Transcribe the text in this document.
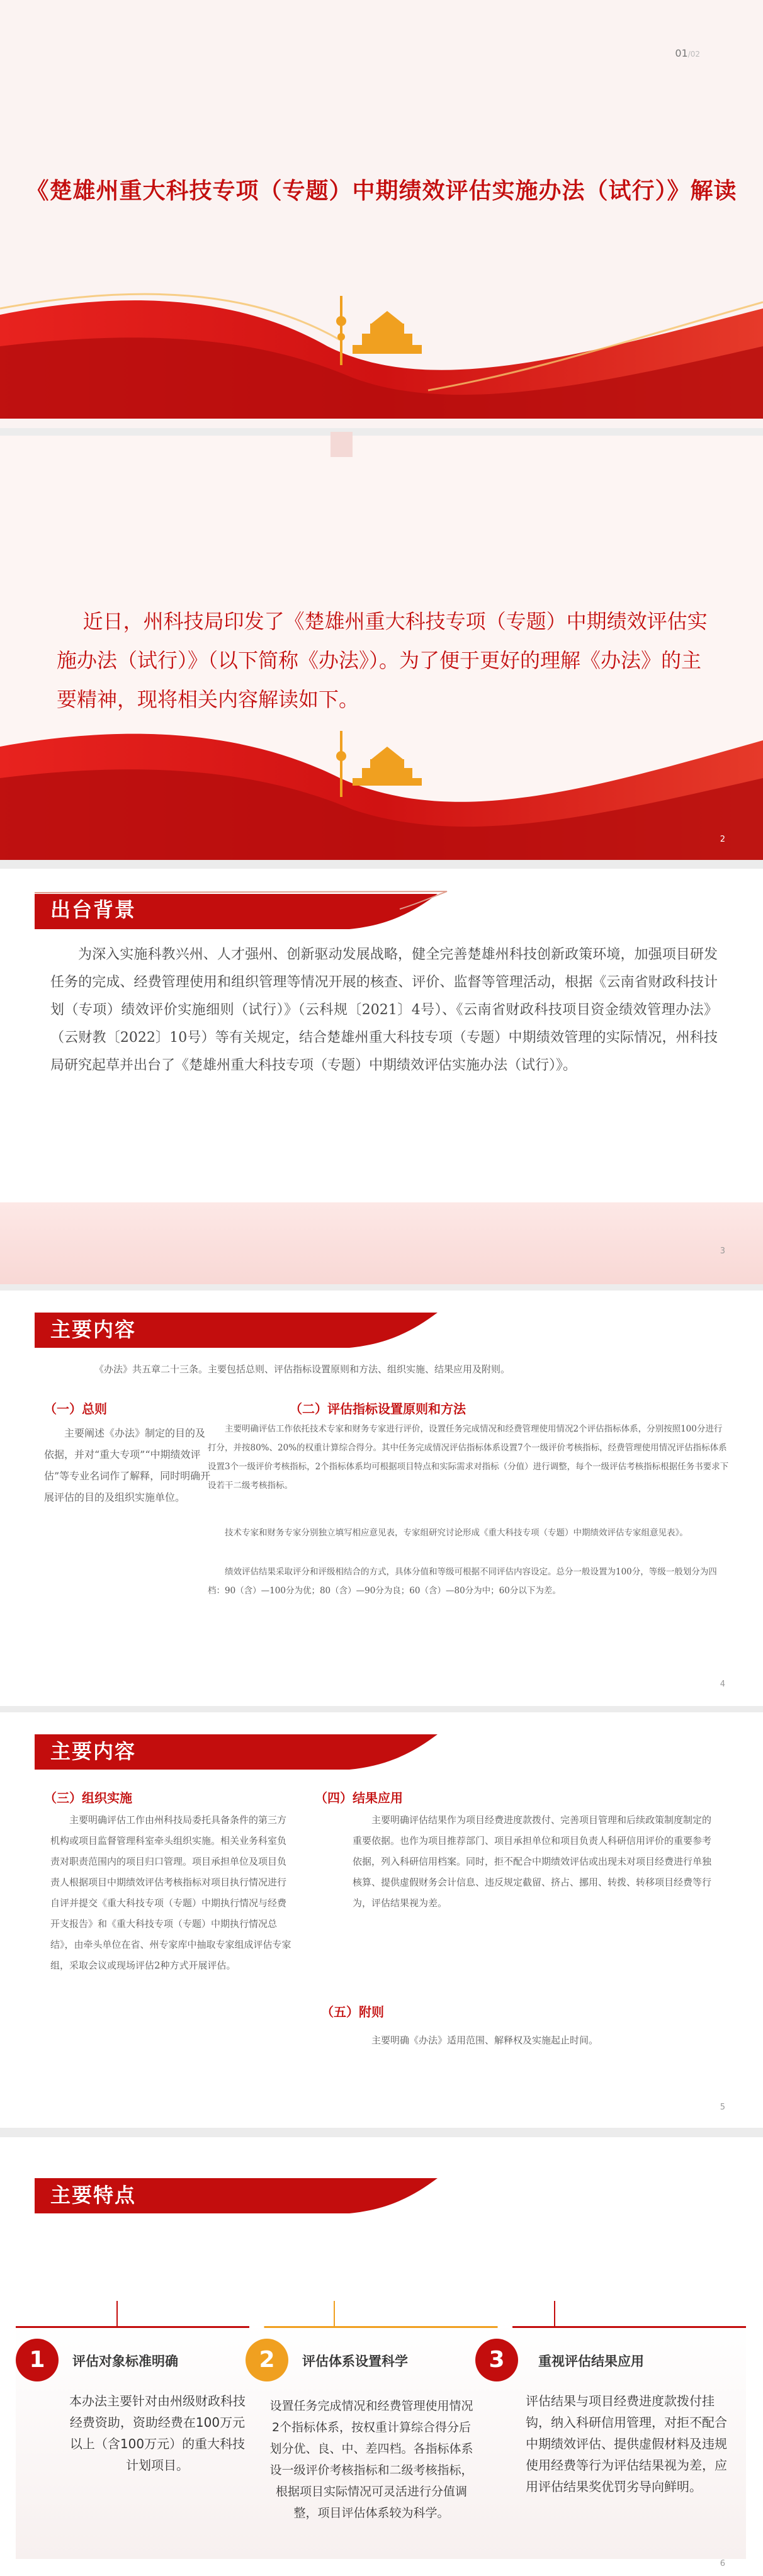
01/02
《楚雄州重大科技专项（专题）中期绩效评估实施办法（试行）》解读

近日，州科技局印发了《楚雄州重大科技专项（专题）中期绩效评估实施办法（试行）》（以下简称《办法》）。为了便于更好的理解《办法》的主要精神，现将相关内容解读如下。

2
出台背景

为深入实施科教兴州、人才强州、创新驱动发展战略，健全完善楚雄州科技创新政策环境，加强项目研发任务的完成、经费管理使用和组织管理等情况开展的核查、评价、监督等管理活动，根据《云南省财政科技计划（专项）绩效评价实施细则（试行）》（云科规〔2021〕4号）、《云南省财政科技项目资金绩效管理办法》（云财教〔2022〕10号）等有关规定，结合楚雄州重大科技专项（专题）中期绩效管理的实际情况，州科技局研究起草并出台了《楚雄州重大科技专项（专题）中期绩效评估实施办法（试行）》。

3
主要内容

《办法》共五章二十三条。主要包括总则、评估指标设置原则和方法、组织实施、结果应用及附则。

（一）总则

主要阐述《办法》制定的目的及依据，并对“重大专项”“中期绩效评估”等专业名词作了解释，同时明确开展评估的目的及组织实施单位。

（二）评估指标设置原则和方法

主要明确评估工作依托技术专家和财务专家进行评价，设置任务完成情况和经费管理使用情况2个评估指标体系，分别按照100分进行打分，并按80%、20%的权重计算综合得分。其中任务完成情况评估指标体系设置7个一级评价考核指标，经费管理使用情况评估指标体系设置3个一级评价考核指标，2个指标体系均可根据项目特点和实际需求对指标（分值）进行调整，每个一级评估考核指标根据任务书要求下设若干二级考核指标。

技术专家和财务专家分别独立填写相应意见表，专家组研究讨论形成《重大科技专项（专题）中期绩效评估专家组意见表》。

绩效评估结果采取评分和评级相结合的方式，具体分值和等级可根据不同评估内容设定。总分一般设置为100分，等级一般划分为四档：90（含）—100分为优；80（含）—90分为良；60（含）—80分为中；60分以下为差。

4
主要内容
（三）组织实施

主要明确评估工作由州科技局委托具备条件的第三方机构或项目监督管理科室牵头组织实施。相关业务科室负责对职责范围内的项目归口管理。项目承担单位及项目负责人根据项目中期绩效评估考核指标对项目执行情况进行自评并提交《重大科技专项（专题）中期执行情况与经费开支报告》和《重大科技专项（专题）中期执行情况总结》，由牵头单位在省、州专家库中抽取专家组成评估专家组，采取会议或现场评估2种方式开展评估。

（四）结果应用

主要明确评估结果作为项目经费进度款拨付、完善项目管理和后续政策制度制定的重要依据。也作为项目推荐部门、项目承担单位和项目负责人科研信用评价的重要参考依据，列入科研信用档案。同时，拒不配合中期绩效评估或出现未对项目经费进行单独核算、提供虚假财务会计信息、违反规定截留、挤占、挪用、转拨、转移项目经费等行为，评估结果视为差。

（五）附则

主要明确《办法》适用范围、解释权及实施起止时间。

5
主要特点
1	评估对象标准明确

本办法主要针对由州级财政科技经费资助，资助经费在100万元以上（含100万元）的重大科技计划项目。

2	评估体系设置科学

设置任务完成情况和经费管理使用情况2个指标体系，按权重计算综合得分后划分优、良、中、差四档。各指标体系设一级评价考核指标和二级考核指标，根据项目实际情况可灵活进行分值调整，项目评估体系较为科学。

3	重视评估结果应用

评估结果与项目经费进度款拨付挂钩，纳入科研信用管理，对拒不配合中期绩效评估、提供虚假材料及违规使用经费等行为评估结果视为差，应用评估结果奖优罚劣导向鲜明。

6
